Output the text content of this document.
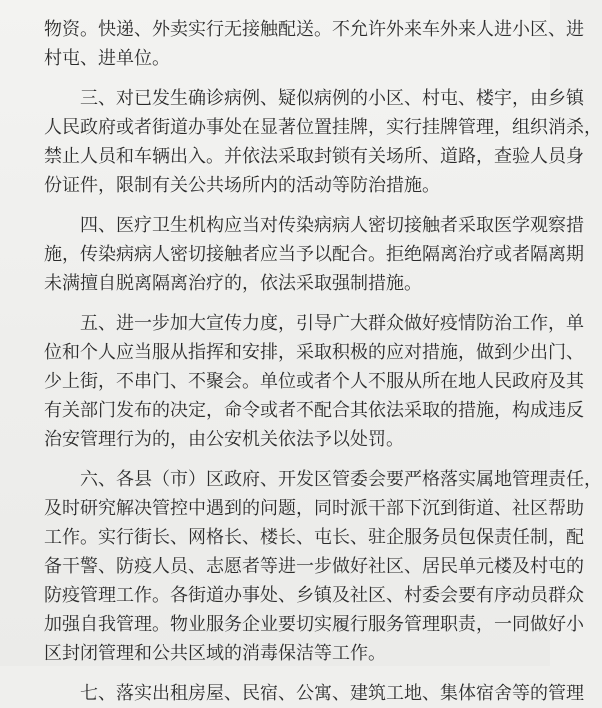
物资。快递、外卖实行无接触配送。不允许外来车外来人进小区、进
村屯、进单位。
三、对已发生确诊病例、疑似病例的小区、村屯、楼宇，由乡镇
人民政府或者街道办事处在显著位置挂牌，实行挂牌管理，组织消杀，
禁止人员和车辆出入。并依法采取封锁有关场所、道路，查验人员身
份证件，限制有关公共场所内的活动等防治措施。
四、医疗卫生机构应当对传染病病人密切接触者采取医学观察措
施，传染病病人密切接触者应当予以配合。拒绝隔离治疗或者隔离期
未满擅自脱离隔离治疗的，依法采取强制措施。
五、进一步加大宣传力度，引导广大群众做好疫情防治工作，单
位和个人应当服从指挥和安排，采取积极的应对措施，做到少出门、
少上街，不串门、不聚会。单位或者个人不服从所在地人民政府及其
有关部门发布的决定，命令或者不配合其依法采取的措施，构成违反
治安管理行为的，由公安机关依法予以处罚。
六、各县（市）区政府、开发区管委会要严格落实属地管理责任，
及时研究解决管控中遇到的问题，同时派干部下沉到街道、社区帮助
工作。实行街长、网格长、楼长、屯长、驻企服务员包保责任制，配
备干警、防疫人员、志愿者等进一步做好社区、居民单元楼及村屯的
防疫管理工作。各街道办事处、乡镇及社区、村委会要有序动员群众
加强自我管理。物业服务企业要切实履行服务管理职责，一同做好小
区封闭管理和公共区域的消毒保洁等工作。
七、落实出租房屋、民宿、公寓、建筑工地、集体宿舍等的管理
